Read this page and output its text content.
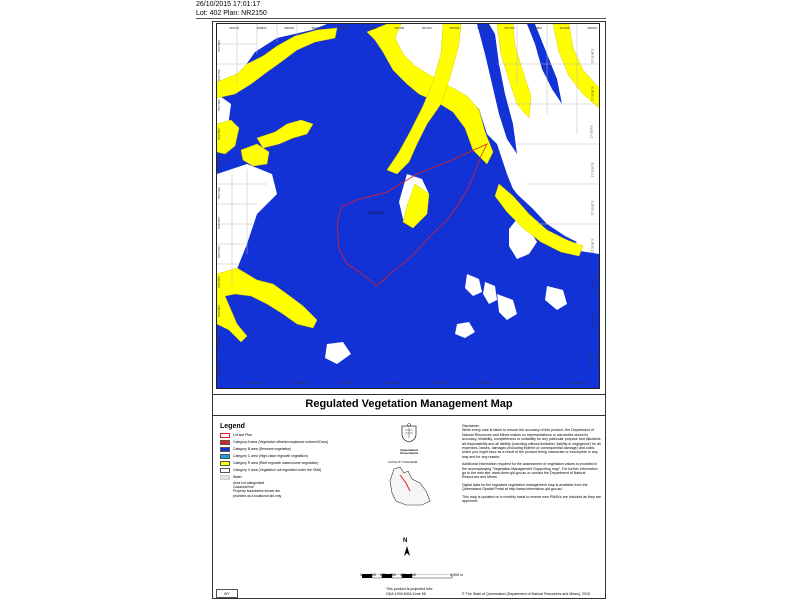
26/10/2015 17:01:17
Lot: 402 Plan: NR2150
402NR2150
396700	396800	396900	397000	397100	397200	397300	397400	397500	397600	397700	397800	397900	398000
148°3'40"E	148°3'50"E	148°4'0"E	148°4'10"E	148°4'20"E	148°4'30"E	148°4'40"E	148°4'50"E
8617800
8617700
8617600
8617500
8617400
8617300
8617200
8617100
8617000
8616900
8616800
8616700
17°32'40"S
17°32'50"S
17°33'0"S
17°33'10"S
17°33'20"S
17°33'30"S
17°33'40"S
17°33'50"S
17°34'0"S
Regulated Vegetation Management Map
Legend
Lot and Plan
Category A area (Vegetation offsets/compliance notices/VDecs)
Category B area (Remnant vegetation)
Category C area (High-value regrowth vegetation)
Category R area (Reef regrowth watercourse vegetation)
Category X area (Vegetation not regulated under the VMA)
Water
Area not categorised
Cadastral line
Property boundaries shown are
provided as a locational aid only
Queensland Government
LOCALITY DIAGRAM
Disclaimer:
While every care is taken to ensure the accuracy of this product, the Department of Natural Resources and Mines makes no representations or warranties about its accuracy, reliability, completeness or suitability for any particular purpose and disclaims all responsibility and all liability (including without limitation, liability in negligence) for all expenses, losses, damages (including indirect or consequential damage) and costs which you might incur as a result of the product being inaccurate or incomplete in any way and for any reason.
Additional information required for the assessment of vegetation values is provided in the accompanying "Vegetation Management Supporting map". For further information go to the web site: www.dnrm.qld.gov.au or contact the Department of Natural Resources and Mines.
Digital data for the regulated vegetation management map is available from the Queensland Spatial Portal at http://www.information.qld.gov.au/
This map is updated on a monthly basis to ensure new PMAVs are included as they are approved.
N
0 100 200 300 400 500	1,000 m
This product is projected into:
GDA 1994 MGA Zone 55
BY	© The State of Queensland (Department of Natural Resources and Mines), 2015
